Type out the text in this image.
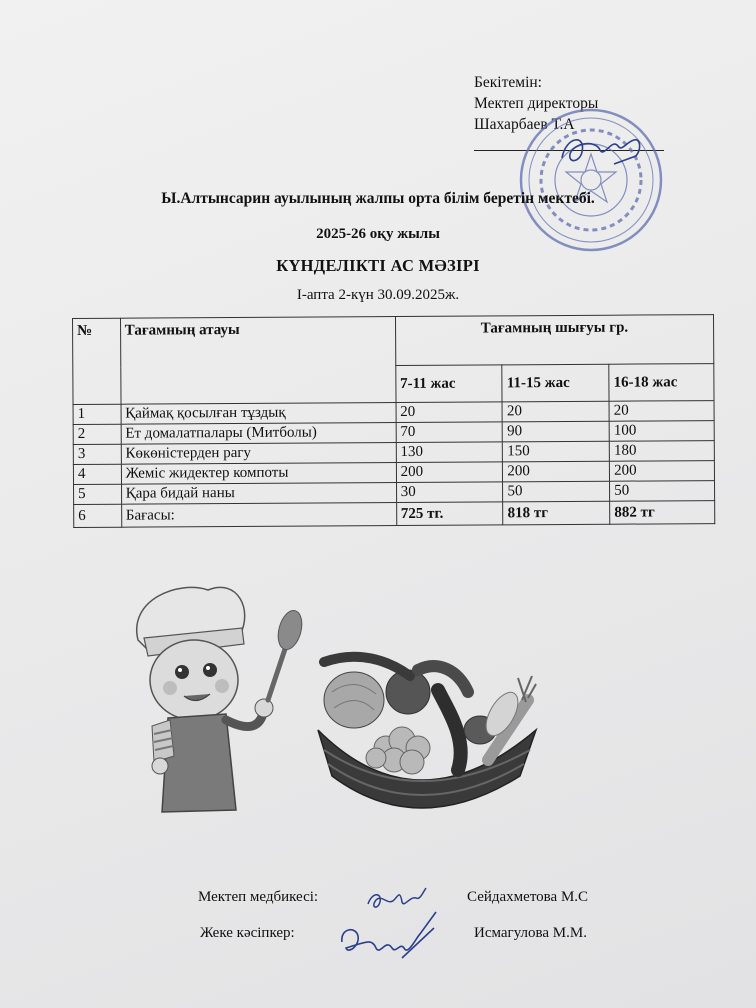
Бекітемін:
Мектеп директоры
Шахарбаев Т.А
Ы.Алтынсарин ауылының жалпы орта білім беретін мектебі.
2025-26 оқу жылы
КҮНДЕЛІКТІ АС МӘЗІРІ
І-апта 2-күн 30.09.2025ж.
№	Тағамның атауы	Тағамның шығуы гр.		
		7-11 жас	11-15 жас	16-18 жас
1	Қаймақ қосылған тұздық	20	20	20
2	Ет домалатпалары (Митболы)	70	90	100
3	Көкөністерден рагу	130	150	180
4	Жеміс жидектер компоты	200	200	200
5	Қара бидай наны	30	50	50
6	Бағасы:	725 тг.	818 тг	882 тг
Мектеп медбикесі:	Сейдахметова М.С
Жеке кәсіпкер:	Исмагулова М.М.
